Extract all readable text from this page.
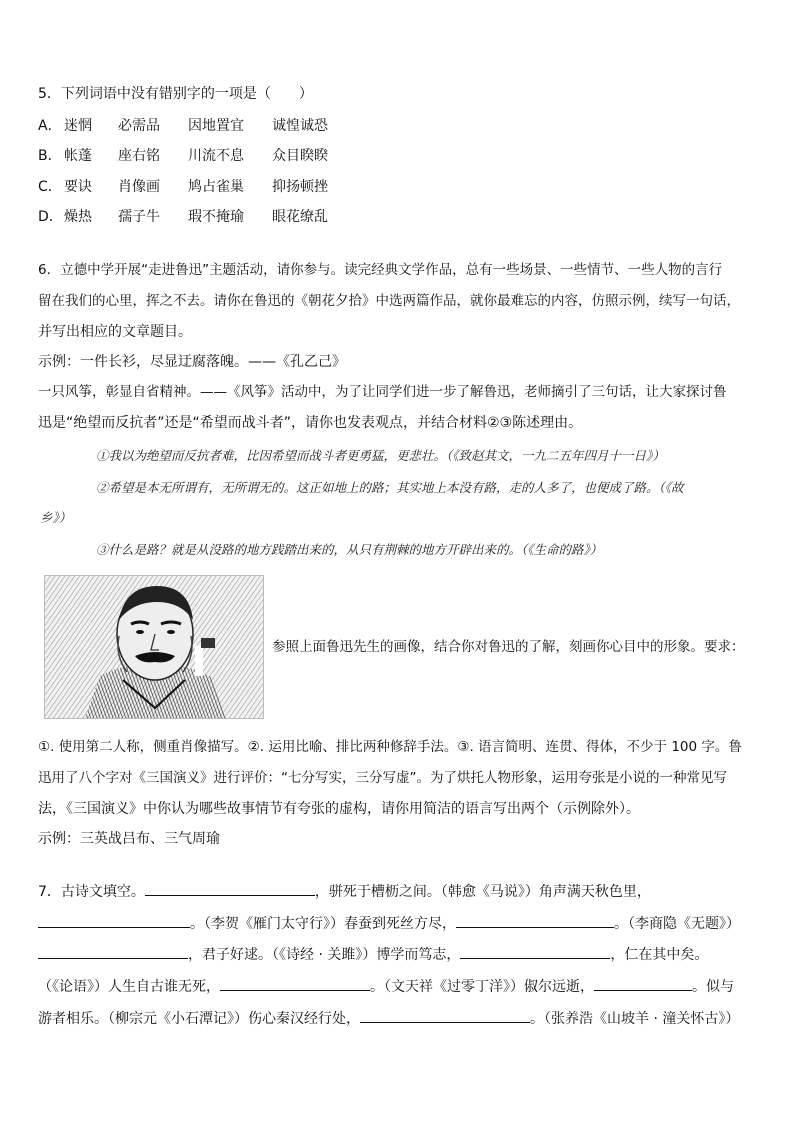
5．下列词语中没有错别字的一项是（　　）
A． 迷惘 必需品 因地置宜 诚惶诚恐
B． 帐蓬 座右铭 川流不息 众目睽睽
C． 要诀 肖像画 鸠占雀巢 抑扬顿挫
D． 燥热 孺子牛 瑕不掩瑜 眼花缭乱
6．立德中学开展“走进鲁迅”主题活动，请你参与。读完经典文学作品，总有一些场景、一些情节、一些人物的言行
留在我们的心里，挥之不去。请你在鲁迅的《朝花夕拾》中选两篇作品，就你最难忘的内容，仿照示例，续写一句话，
并写出相应的文章题目。
示例：一件长衫，尽显迂腐落魄。——《孔乙己》
一只风筝，彰显自省精神。——《风筝》活动中，为了让同学们进一步了解鲁迅，老师摘引了三句话，让大家探讨鲁
迅是“绝望而反抗者”还是“希望而战斗者”，请你也发表观点，并结合材料②③陈述理由。
①我以为绝望而反抗者难，比因希望而战斗者更勇猛，更悲壮。（《致赵其文，一九二五年四月十一日》）
②希望是本无所谓有，无所谓无的。这正如地上的路；其实地上本没有路，走的人多了，也便成了路。（《故
乡》）
③什么是路？就是从没路的地方践踏出来的，从只有荆棘的地方开辟出来的。（《生命的路》）
参照上面鲁迅先生的画像，结合你对鲁迅的了解，刻画你心目中的形象。要求：
①. 使用第二人称，侧重肖像描写。②. 运用比喻、排比两种修辞手法。③. 语言简明、连贯、得体，不少于 100 字。鲁
迅用了八个字对《三国演义》进行评价：“七分写实，三分写虚”。为了烘托人物形象，运用夸张是小说的一种常见写
法，《三国演义》中你认为哪些故事情节有夸张的虚构，请你用简洁的语言写出两个（示例除外）。
示例：三英战吕布、三气周瑜
7．古诗文填空。	，骈死于槽枥之间。（韩愈《马说》）角声满天秋色里，
。（李贺《雁门太守行》）春蚕到死丝方尽，	。（李商隐《无题》）
，君子好逑。（《诗经 · 关雎》）博学而笃志，	，仁在其中矣。
（《论语》）人生自古谁无死，	。（文天祥《过零丁洋》）俶尔远逝，	。似与
游者相乐。（柳宗元《小石潭记》）伤心秦汉经行处，	。（张养浩《山坡羊 · 潼关怀古》）
